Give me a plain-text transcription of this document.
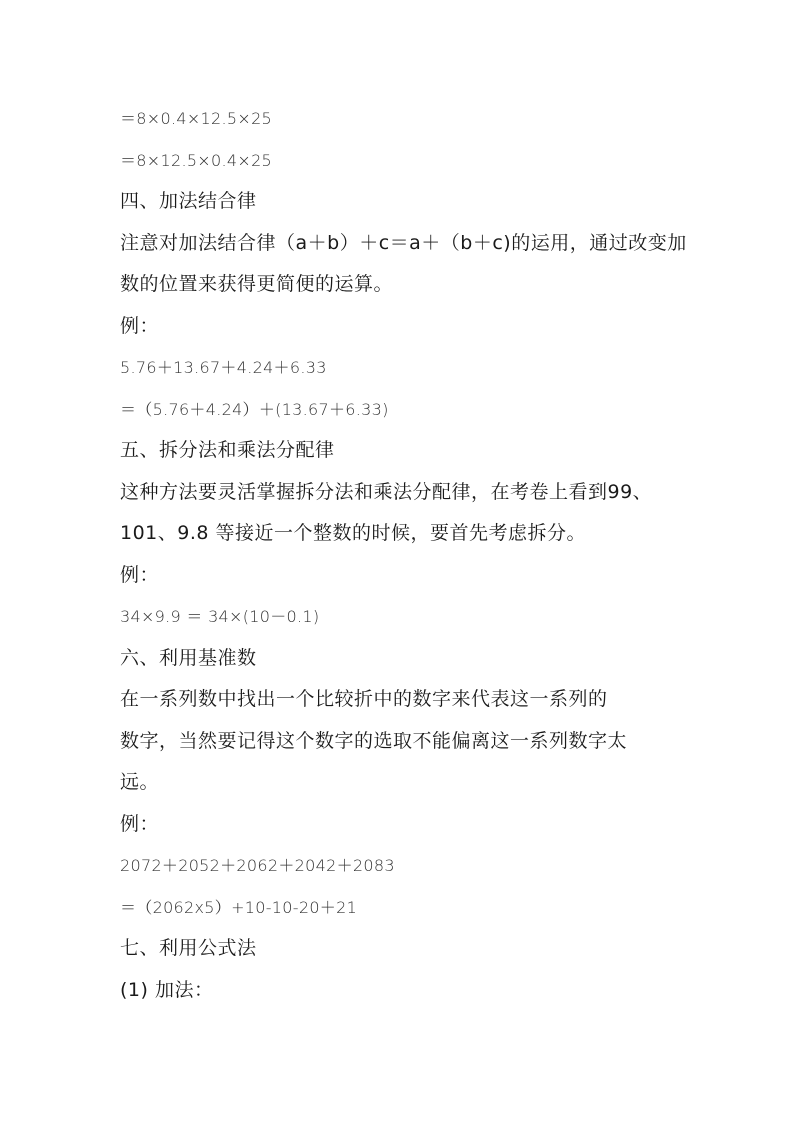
＝8×0.4×12.5×25
＝8×12.5×0.4×25
四、加法结合律
注意对加法结合律（a＋b）＋c＝a＋（b＋c)的运用，通过改变加
数的位置来获得更简便的运算。
例：
5.76＋13.67＋4.24＋6.33
＝（5.76＋4.24）＋(13.67＋6.33)
五、拆分法和乘法分配律
这种方法要灵活掌握拆分法和乘法分配律，在考卷上看到99、
101、9.8 等接近一个整数的时候，要首先考虑拆分。
例：
34×9.9 ＝ 34×(10－0.1)
六、利用基准数
在一系列数中找出一个比较折中的数字来代表这一系列的
数字，当然要记得这个数字的选取不能偏离这一系列数字太
远。
例：
2072＋2052＋2062＋2042＋2083
＝（2062x5）+10-10-20＋21
七、利用公式法
(1) 加法：
